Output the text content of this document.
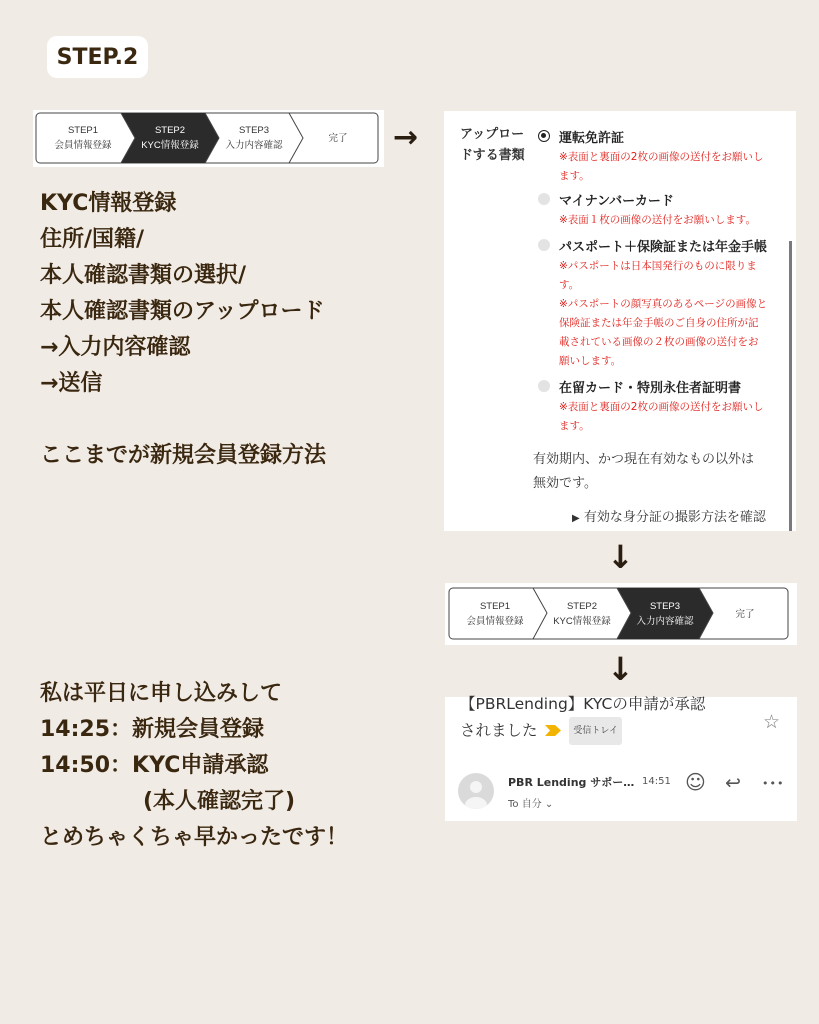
STEP.2
STEP1
会員情報登録
STEP2
KYC情報登録
STEP3
入力内容確認
完了 →
KYC情報登録
住所/国籍/
本人確認書類の選択/
本人確認書類のアップロード
→入力内容確認
→送信
ここまでが新規会員登録方法
アップロー
ドする書類
運転免許証
※表面と裏面の2枚の画像の送付をお願いし
ます。
マイナンバーカード
※表面１枚の画像の送付をお願いします。
パスポート＋保険証または年金手帳
※パスポートは日本国発行のものに限りま
す。
※パスポートの顔写真のあるページの画像と
保険証または年金手帳のご自身の住所が記
載されている画像の２枚の画像の送付をお
願いします。
在留カード・特別永住者証明書
※表面と裏面の2枚の画像の送付をお願いし
ます。
有効期内、かつ現在有効なもの以外は
無効です。
▶ 有効な身分証の撮影方法を確認
↓
STEP1
会員情報登録
STEP2
KYC情報登録
STEP3
入力内容確認
完了
↓
私は平日に申し込みして
14:25：新規会員登録
14:50：KYC申請承認
(本人確認完了)
とめちゃくちゃ早かったです！
【PBRLending】KYCの申請が承認
されました	受信トレイ	☆
PBR Lending サポー… 14:51
To 自分 ⌄
☺ ↩ •••
